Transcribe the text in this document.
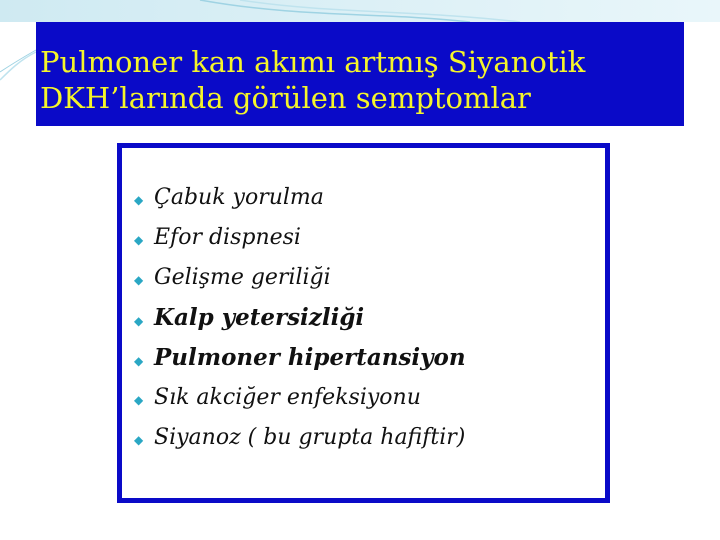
Pulmoner kan akımı artmış Siyanotik
DKH’larında görülen semptomlar
◆ Çabuk yorulma
◆ Efor dispnesi
◆ Gelişme geriliği
◆ Kalp yetersizliği
◆ Pulmoner hipertansiyon
◆ Sık akciğer enfeksiyonu
◆ Siyanoz ( bu grupta hafiftir)
